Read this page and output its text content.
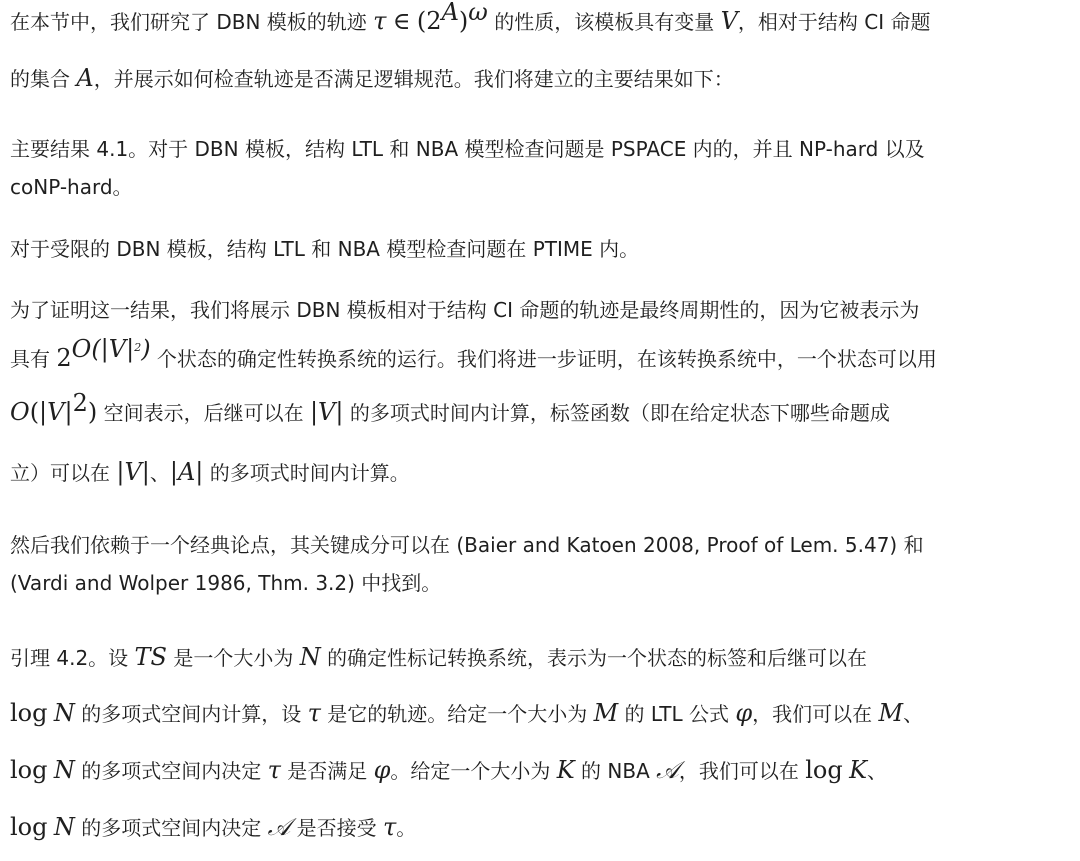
在本节中，我们研究了 DBN 模板的轨迹 τ ∈ $(2^A)^\omega$ 的性质，该模板具有变量 V，相对于结构 CI 命题
的集合 A，并展示如何检查轨迹是否满足逻辑规范。我们将建立的主要结果如下：
主要结果 4.1。对于 DBN 模板，结构 LTL 和 NBA 模型检查问题是 PSPACE 内的，并且 NP-hard 以及
coNP-hard。
对于受限的 DBN 模板，结构 LTL 和 NBA 模型检查问题在 PTIME 内。
为了证明这一结果，我们将展示 DBN 模板相对于结构 CI 命题的轨迹是最终周期性的，因为它被表示为
具有 $2^{O(|V|^2)}$ 个状态的确定性转换系统的运行。我们将进一步证明，在该转换系统中，一个状态可以用
$O(|V|^2)$ 空间表示，后继可以在 |V| 的多项式时间内计算，标签函数（即在给定状态下哪些命题成
立）可以在 |V|、|A| 的多项式时间内计算。
然后我们依赖于一个经典论点，其关键成分可以在 (Baier and Katoen 2008, Proof of Lem. 5.47) 和
(Vardi and Wolper 1986, Thm. 3.2) 中找到。
引理 4.2。设 TS 是一个大小为 N 的确定性标记转换系统，表示为一个状态的标签和后继可以在
log N 的多项式空间内计算，设 τ 是它的轨迹。给定一个大小为 M 的 LTL 公式 φ，我们可以在 M、
log N 的多项式空间内决定 τ 是否满足 φ。给定一个大小为 K 的 NBA 𝒜，我们可以在 log K、
log N 的多项式空间内决定 𝒜 是否接受 τ。
